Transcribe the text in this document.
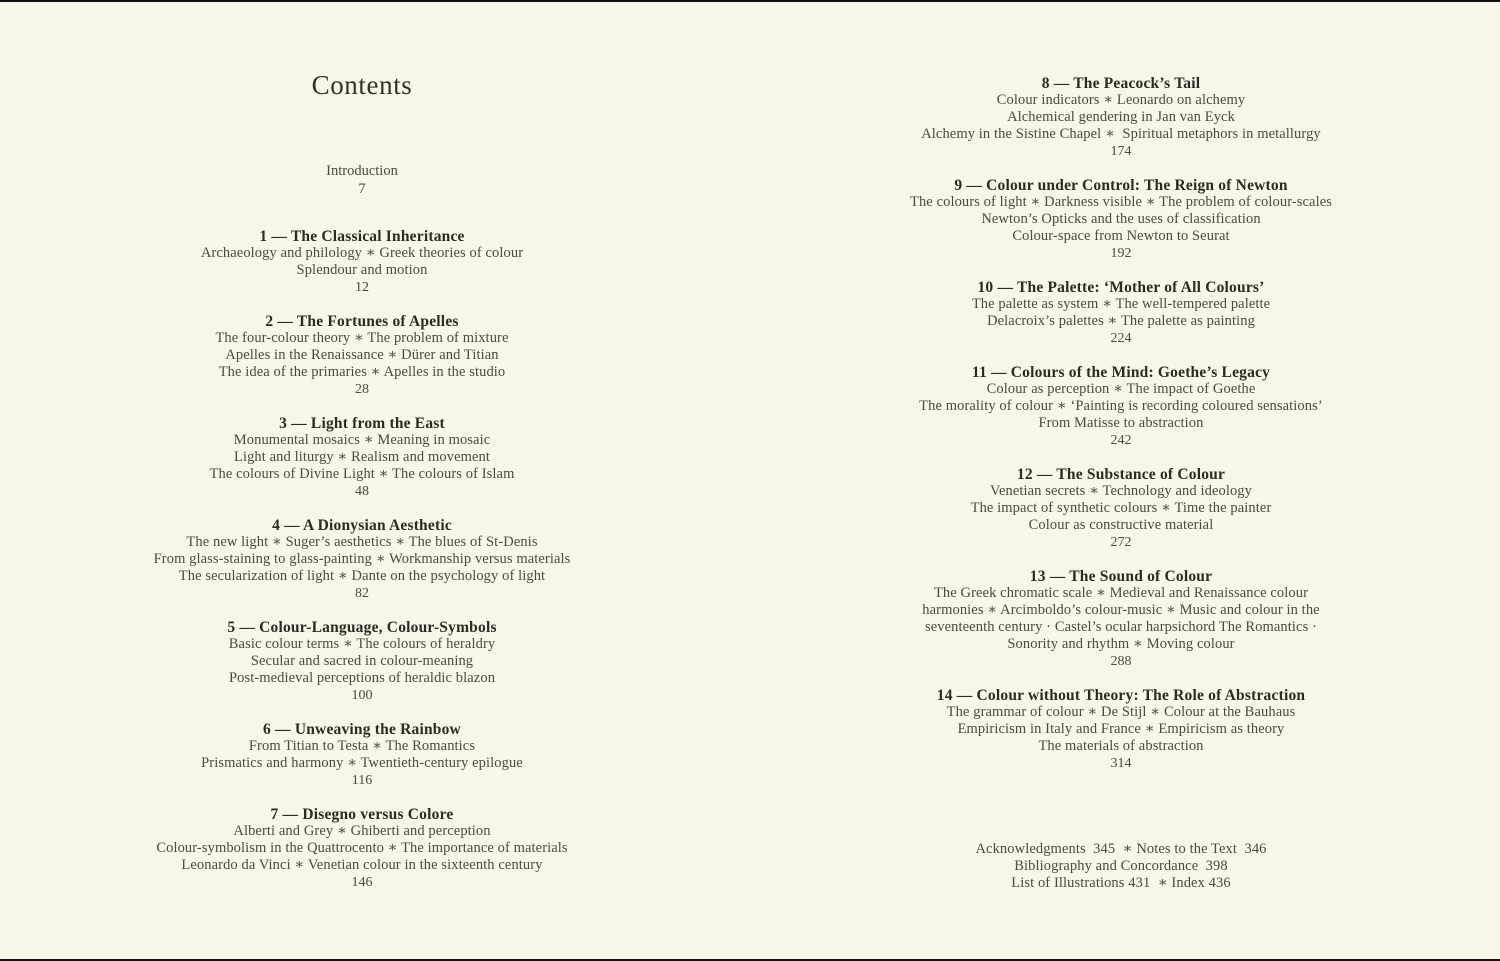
Contents
Introduction
7
1 — The Classical Inheritance
Archaeology and philology ∗ Greek theories of colour
Splendour and motion
12
2 — The Fortunes of Apelles
The four-colour theory ∗ The problem of mixture
Apelles in the Renaissance ∗ Dürer and Titian
The idea of the primaries ∗ Apelles in the studio
28
3 — Light from the East
Monumental mosaics ∗ Meaning in mosaic
Light and liturgy ∗ Realism and movement
The colours of Divine Light ∗ The colours of Islam
48
4 — A Dionysian Aesthetic
The new light ∗ Suger’s aesthetics ∗ The blues of St-Denis
From glass-staining to glass-painting ∗ Workmanship versus materials
The secularization of light ∗ Dante on the psychology of light
82
5 — Colour-Language, Colour-Symbols
Basic colour terms ∗ The colours of heraldry
Secular and sacred in colour-meaning
Post-medieval perceptions of heraldic blazon
100
6 — Unweaving the Rainbow
From Titian to Testa ∗ The Romantics
Prismatics and harmony ∗ Twentieth-century epilogue
116
7 — Disegno versus Colore
Alberti and Grey ∗ Ghiberti and perception
Colour-symbolism in the Quattrocento ∗ The importance of materials
Leonardo da Vinci ∗ Venetian colour in the sixteenth century
146
8 — The Peacock’s Tail
Colour indicators ∗ Leonardo on alchemy
Alchemical gendering in Jan van Eyck
Alchemy in the Sistine Chapel ∗  Spiritual metaphors in metallurgy
174
9 — Colour under Control: The Reign of Newton
The colours of light ∗ Darkness visible ∗ The problem of colour-scales
Newton’s Opticks and the uses of classification
Colour-space from Newton to Seurat
192
10 — The Palette: ‘Mother of All Colours’
The palette as system ∗ The well-tempered palette
Delacroix’s palettes ∗ The palette as painting
224
11 — Colours of the Mind: Goethe’s Legacy
Colour as perception ∗ The impact of Goethe
The morality of colour ∗ ‘Painting is recording coloured sensations’
From Matisse to abstraction
242
12 — The Substance of Colour
Venetian secrets ∗ Technology and ideology
The impact of synthetic colours ∗ Time the painter
Colour as constructive material
272
13 — The Sound of Colour
The Greek chromatic scale ∗ Medieval and Renaissance colour
harmonies ∗ Arcimboldo’s colour-music ∗ Music and colour in the
seventeenth century · Castel’s ocular harpsichord The Romantics ·
Sonority and rhythm ∗ Moving colour
288
14 — Colour without Theory: The Role of Abstraction
The grammar of colour ∗ De Stijl ∗ Colour at the Bauhaus
Empiricism in Italy and France ∗ Empiricism as theory
The materials of abstraction
314
Acknowledgments  345  ∗ Notes to the Text  346
Bibliography and Concordance  398
List of Illustrations 431  ∗ Index 436
